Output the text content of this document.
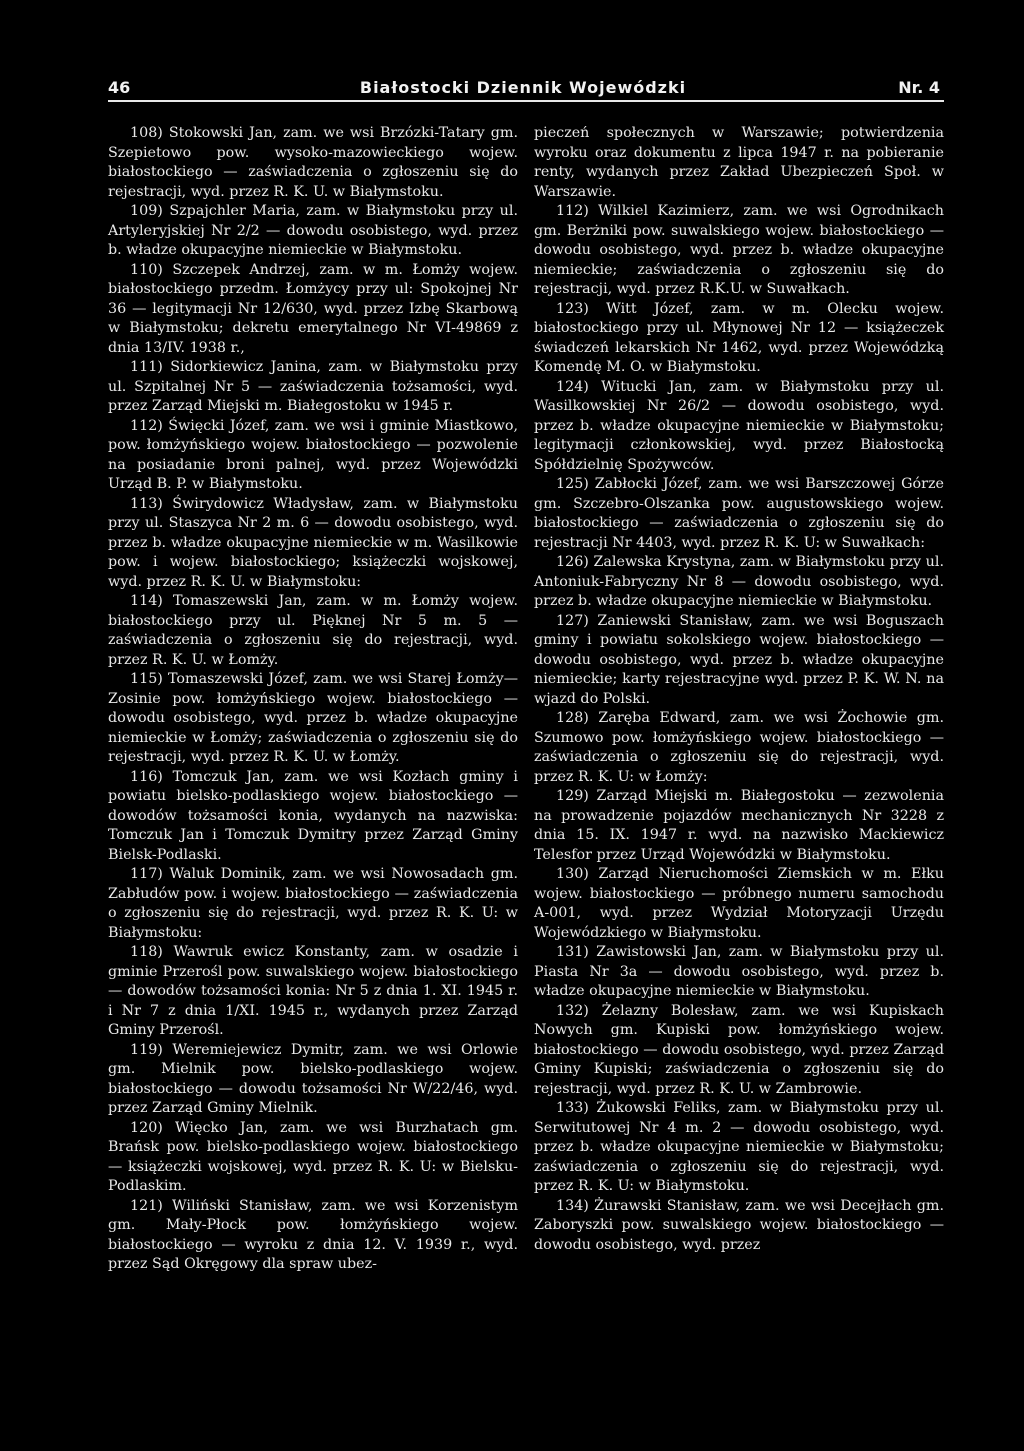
46	Białostocki Dziennik Wojewódzki	Nr. 4

108) Stokowski Jan, zam. we wsi Brzózki-Tatary gm. Szepietowo pow. wysoko-mazowieckiego wojew. białostockiego — zaświadczenia o zgłoszeniu się do rejestracji, wyd. przez R. K. U. w Białymstoku.

109) Szpajchler Maria, zam. w Białymstoku przy ul. Artyleryjskiej Nr 2/2 — dowodu osobistego, wyd. przez b. władze okupacyjne niemieckie w Białymstoku.

110) Szczepek Andrzej, zam. w m. Łomży wojew. białostockiego przedm. Łomżycy przy ul: Spokojnej Nr 36 — legitymacji Nr 12/630, wyd. przez Izbę Skarbową w Białymstoku; dekretu emerytalnego Nr VI-49869 z dnia 13/IV. 1938 r.,

111) Sidorkiewicz Janina, zam. w Białymstoku przy ul. Szpitalnej Nr 5 — zaświadczenia tożsamości, wyd. przez Zarząd Miejski m. Białegostoku w 1945 r.

112) Święcki Józef, zam. we wsi i gminie Miastkowo, pow. łomżyńskiego wojew. białostockiego — pozwolenie na posiadanie broni palnej, wyd. przez Wojewódzki Urząd B. P. w Białymstoku.

113) Świrydowicz Władysław, zam. w Białymstoku przy ul. Staszyca Nr 2 m. 6 — dowodu osobistego, wyd. przez b. władze okupacyjne niemieckie w m. Wasilkowie pow. i wojew. białostockiego; książeczki wojskowej, wyd. przez R. K. U. w Białymstoku:

114) Tomaszewski Jan, zam. w m. Łomży wojew. białostockiego przy ul. Pięknej Nr 5 m. 5 — zaświadczenia o zgłoszeniu się do rejestracji, wyd. przez R. K. U. w Łomży.

115) Tomaszewski Józef, zam. we wsi Starej Łomży—Zosinie pow. łomżyńskiego wojew. białostockiego — dowodu osobistego, wyd. przez b. władze okupacyjne niemieckie w Łomży; zaświadczenia o zgłoszeniu się do rejestracji, wyd. przez R. K. U. w Łomży.

116) Tomczuk Jan, zam. we wsi Kozłach gminy i powiatu bielsko-podlaskiego wojew. białostockiego — dowodów tożsamości konia, wydanych na nazwiska: Tomczuk Jan i Tomczuk Dymitry przez Zarząd Gminy Bielsk-Podlaski.

117) Waluk Dominik, zam. we wsi Nowosadach gm. Zabłudów pow. i wojew. białostockiego — zaświadczenia o zgłoszeniu się do rejestracji, wyd. przez R. K. U: w Białymstoku:

118) Wawruk ewicz Konstanty, zam. w osadzie i gminie Przerośl pow. suwalskiego wojew. białostockiego — dowodów tożsamości konia: Nr 5 z dnia 1. XI. 1945 r. i Nr 7 z dnia 1/XI. 1945 r., wydanych przez Zarząd Gminy Przerośl.

119) Weremiejewicz Dymitr, zam. we wsi Orlowie gm. Mielnik pow. bielsko-podlaskiego wojew. białostockiego — dowodu tożsamości Nr W/22/46, wyd. przez Zarząd Gminy Mielnik.

120) Więcko Jan, zam. we wsi Burzhatach gm. Brańsk pow. bielsko-podlaskiego wojew. białostockiego — książeczki wojskowej, wyd. przez R. K. U: w Bielsku-Podlaskim.

121) Wiliński Stanisław, zam. we wsi Korzenistym gm. Mały-Płock pow. łomżyńskiego wojew. białostockiego — wyroku z dnia 12. V. 1939 r., wyd. przez Sąd Okręgowy dla spraw ubez-

pieczeń społecznych w Warszawie; potwierdzenia wyroku oraz dokumentu z lipca 1947 r. na pobieranie renty, wydanych przez Zakład Ubezpieczeń Społ. w Warszawie.

112) Wilkiel Kazimierz, zam. we wsi Ogrodnikach gm. Berżniki pow. suwalskiego wojew. białostockiego — dowodu osobistego, wyd. przez b. władze okupacyjne niemieckie; zaświadczenia o zgłoszeniu się do rejestracji, wyd. przez R.K.U. w Suwałkach.

123) Witt Józef, zam. w m. Olecku wojew. białostockiego przy ul. Młynowej Nr 12 — książeczek świadczeń lekarskich Nr 1462, wyd. przez Wojewódzką Komendę M. O. w Białymstoku.

124) Witucki Jan, zam. w Białymstoku przy ul. Wasilkowskiej Nr 26/2 — dowodu osobistego, wyd. przez b. władze okupacyjne niemieckie w Białymstoku; legitymacji członkowskiej, wyd. przez Białostocką Spółdzielnię Spożywców.

125) Zabłocki Józef, zam. we wsi Barszczowej Górze gm. Szczebro-Olszanka pow. augustowskiego wojew. białostockiego — zaświadczenia o zgłoszeniu się do rejestracji Nr 4403, wyd. przez R. K. U: w Suwałkach:

126) Zalewska Krystyna, zam. w Białymstoku przy ul. Antoniuk-Fabryczny Nr 8 — dowodu osobistego, wyd. przez b. władze okupacyjne niemieckie w Białymstoku.

127) Zaniewski Stanisław, zam. we wsi Boguszach gminy i powiatu sokolskiego wojew. białostockiego — dowodu osobistego, wyd. przez b. władze okupacyjne niemieckie; karty rejestracyjne wyd. przez P. K. W. N. na wjazd do Polski.

128) Zaręba Edward, zam. we wsi Żochowie gm. Szumowo pow. łomżyńskiego wojew. białostockiego — zaświadczenia o zgłoszeniu się do rejestracji, wyd. przez R. K. U: w Łomży:

129) Zarząd Miejski m. Białegostoku — zezwolenia na prowadzenie pojazdów mechanicznych Nr 3228 z dnia 15. IX. 1947 r. wyd. na nazwisko Mackiewicz Telesfor przez Urząd Wojewódzki w Białymstoku.

130) Zarząd Nieruchomości Ziemskich w m. Ełku wojew. białostockiego — próbnego numeru samochodu A-001, wyd. przez Wydział Motoryzacji Urzędu Wojewódzkiego w Białymstoku.

131) Zawistowski Jan, zam. w Białymstoku przy ul. Piasta Nr 3a — dowodu osobistego, wyd. przez b. władze okupacyjne niemieckie w Białymstoku.

132) Żelazny Bolesław, zam. we wsi Kupiskach Nowych gm. Kupiski pow. łomżyńskiego wojew. białostockiego — dowodu osobistego, wyd. przez Zarząd Gminy Kupiski; zaświadczenia o zgłoszeniu się do rejestracji, wyd. przez R. K. U. w Zambrowie.

133) Żukowski Feliks, zam. w Białymstoku przy ul. Serwitutowej Nr 4 m. 2 — dowodu osobistego, wyd. przez b. władze okupacyjne niemieckie w Białymstoku; zaświadczenia o zgłoszeniu się do rejestracji, wyd. przez R. K. U: w Białymstoku.

134) Żurawski Stanisław, zam. we wsi Decejłach gm. Zaboryszki pow. suwalskiego wojew. białostockiego — dowodu osobistego, wyd. przez
